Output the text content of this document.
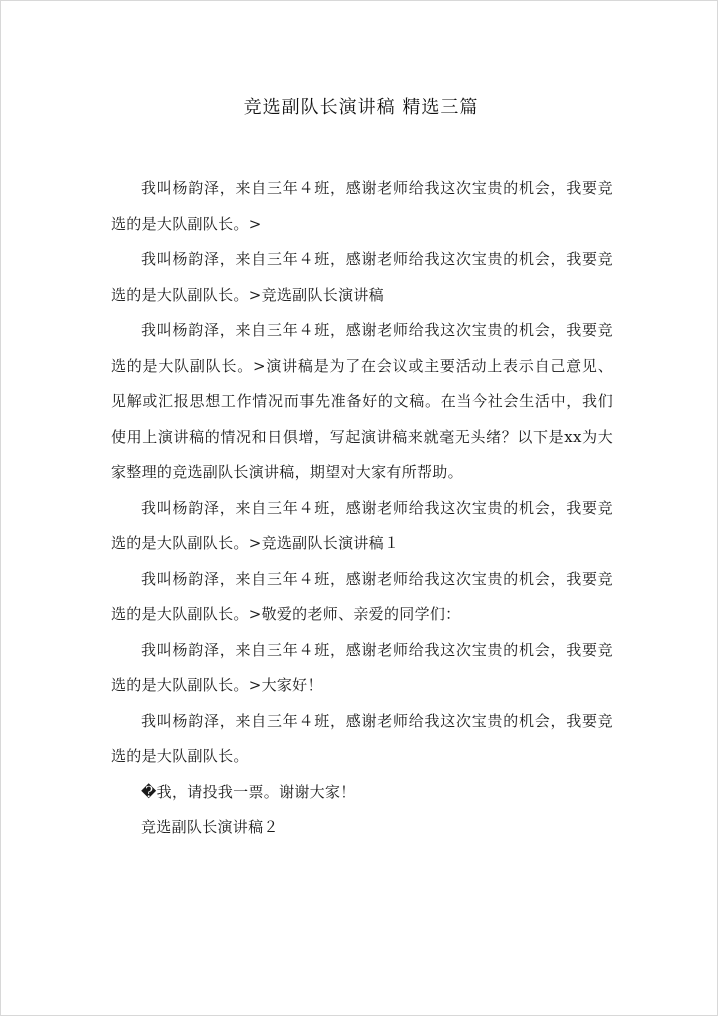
竞选副队长演讲稿 精选三篇

我叫杨韵泽，来自三年４班，感谢老师给我这次宝贵的机会，我要竞选的是大队副队长。>

我叫杨韵泽，来自三年４班，感谢老师给我这次宝贵的机会，我要竞选的是大队副队长。>竞选副队长演讲稿

我叫杨韵泽，来自三年４班，感谢老师给我这次宝贵的机会，我要竞选的是大队副队长。>演讲稿是为了在会议或主要活动上表示自己意见、见解或汇报思想工作情况而事先准备好的文稿。在当今社会生活中，我们使用上演讲稿的情况和日俱增，写起演讲稿来就毫无头绪？以下是xx为大家整理的竞选副队长演讲稿，期望对大家有所帮助。

我叫杨韵泽，来自三年４班，感谢老师给我这次宝贵的机会，我要竞选的是大队副队长。>竞选副队长演讲稿１

我叫杨韵泽，来自三年４班，感谢老师给我这次宝贵的机会，我要竞选的是大队副队长。>敬爱的老师、亲爱的同学们：

我叫杨韵泽，来自三年４班，感谢老师给我这次宝贵的机会，我要竞选的是大队副队长。>大家好！

我叫杨韵泽，来自三年４班，感谢老师给我这次宝贵的机会，我要竞选的是大队副队长。

�我，请投我一票。谢谢大家！

竞选副队长演讲稿２
